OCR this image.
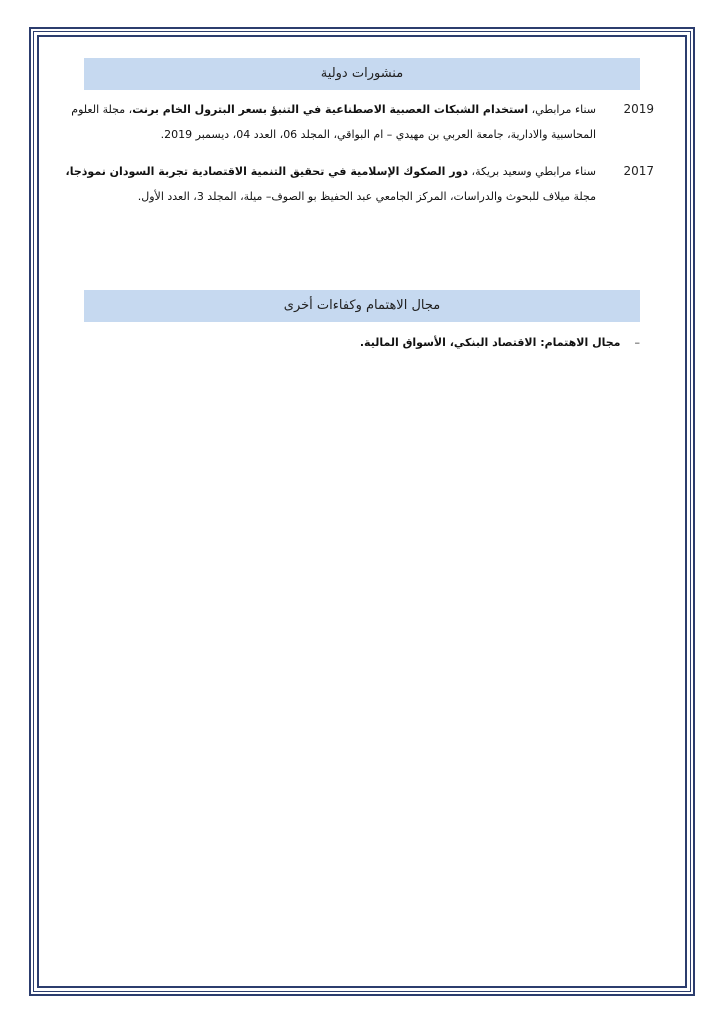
منشورات دولية
2019
سناء مرابطي، استخدام الشبكات العصبية الاصطناعية في التنبؤ بسعر البترول الخام برنت، مجلة العلوم المحاسبية والادارية، جامعة العربي بن مهيدي – ام البواقي، المجلد 06، العدد 04، ديسمبر 2019.
2017
سناء مرابطي وسعيد بريكة، دور الصكوك الإسلامية في تحقيق التنمية الاقتصادية تجربة السودان نموذجا، مجلة ميلاف للبحوث والدراسات، المركز الجامعي عبد الحفيظ بو الصوف– ميلة، المجلد 3، العدد الأول.
مجال الاهتمام وكفاءات أخرى
–مجال الاهتمام: الاقتصاد البنكي، الأسواق المالية.
